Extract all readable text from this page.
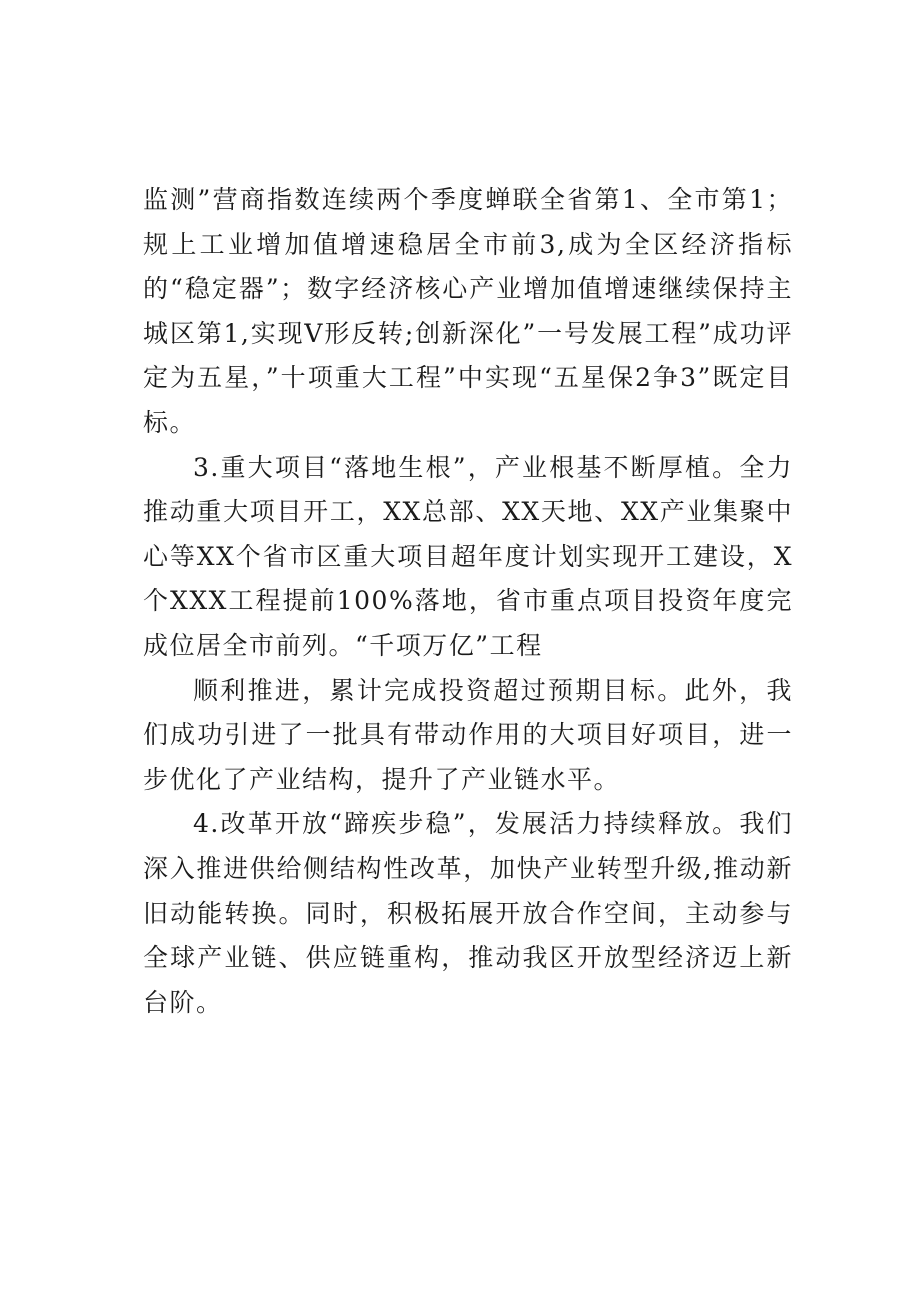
监测”营商指数连续两个季度蝉联全省第1、全市第1；规上工业增加值增速稳居全市前3,成为全区经济指标的“稳定器”；数字经济核心产业增加值增速继续保持主城区第1,实现V形反转;创新深化”一号发展工程”成功评定为五星，”十项重大工程”中实现“五星保2争3”既定目标。

3.重大项目“落地生根”，产业根基不断厚植。全力推动重大项目开工，XX总部、XX天地、XX产业集聚中心等XX个省市区重大项目超年度计划实现开工建设，X个XXX工程提前100%落地，省市重点项目投资年度完成位居全市前列。“千项万亿”工程

顺利推进，累计完成投资超过预期目标。此外，我们成功引进了一批具有带动作用的大项目好项目，进一步优化了产业结构，提升了产业链水平。

4.改革开放“蹄疾步稳”，发展活力持续释放。我们深入推进供给侧结构性改革，加快产业转型升级,推动新旧动能转换。同时，积极拓展开放合作空间，主动参与全球产业链、供应链重构，推动我区开放型经济迈上新台阶。
